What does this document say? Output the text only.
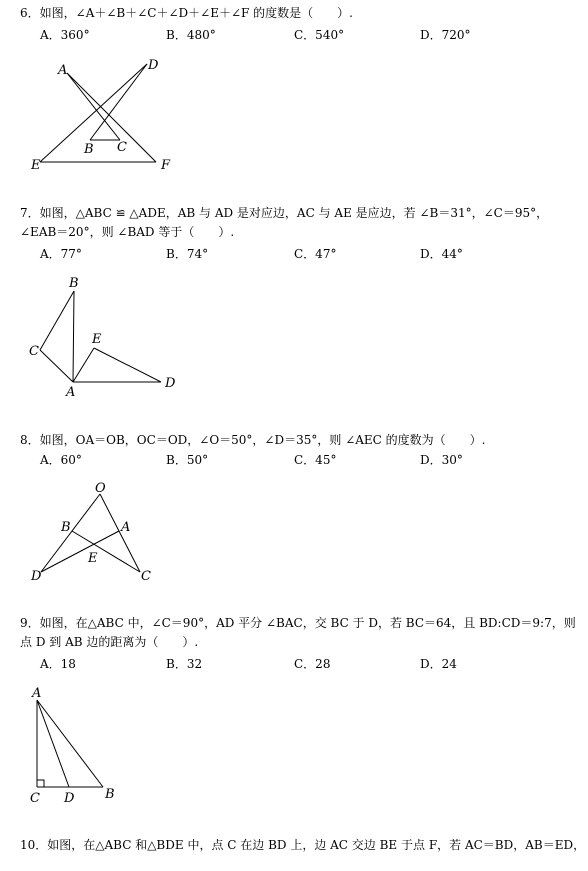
6．如图，∠A＋∠B＋∠C＋∠D＋∠E＋∠F 的度数是（　　）.
A．360°	B．480°	C．540°	D．720°
A	D
B C
E	F
7．如图，△ABC ≌ △ADE，AB 与 AD 是对应边，AC 与 AE 是应边，若 ∠B＝31°，∠C＝95°，
∠EAB＝20°，则 ∠BAD 等于（　　）.
A．77°	B．74°	C．47°	D．44°
B
C
E
A
D
8．如图，OA＝OB，OC＝OD，∠O＝50°，∠D＝35°，则 ∠AEC 的度数为（　　）.
A．60°	B．50°	C．45°	D．30°
O
B	A
E
D	C
9．如图，在△ABC 中，∠C＝90°，AD 平分 ∠BAC，交 BC 于 D，若 BC＝64，且 BD:CD＝9:7，则
点 D 到 AB 边的距离为（　　）.
A．18	B．32	C．28	D．24
A
C D B
10．如图，在△ABC 和△BDE 中，点 C 在边 BD 上，边 AC 交边 BE 于点 F，若 AC＝BD，AB＝ED，
